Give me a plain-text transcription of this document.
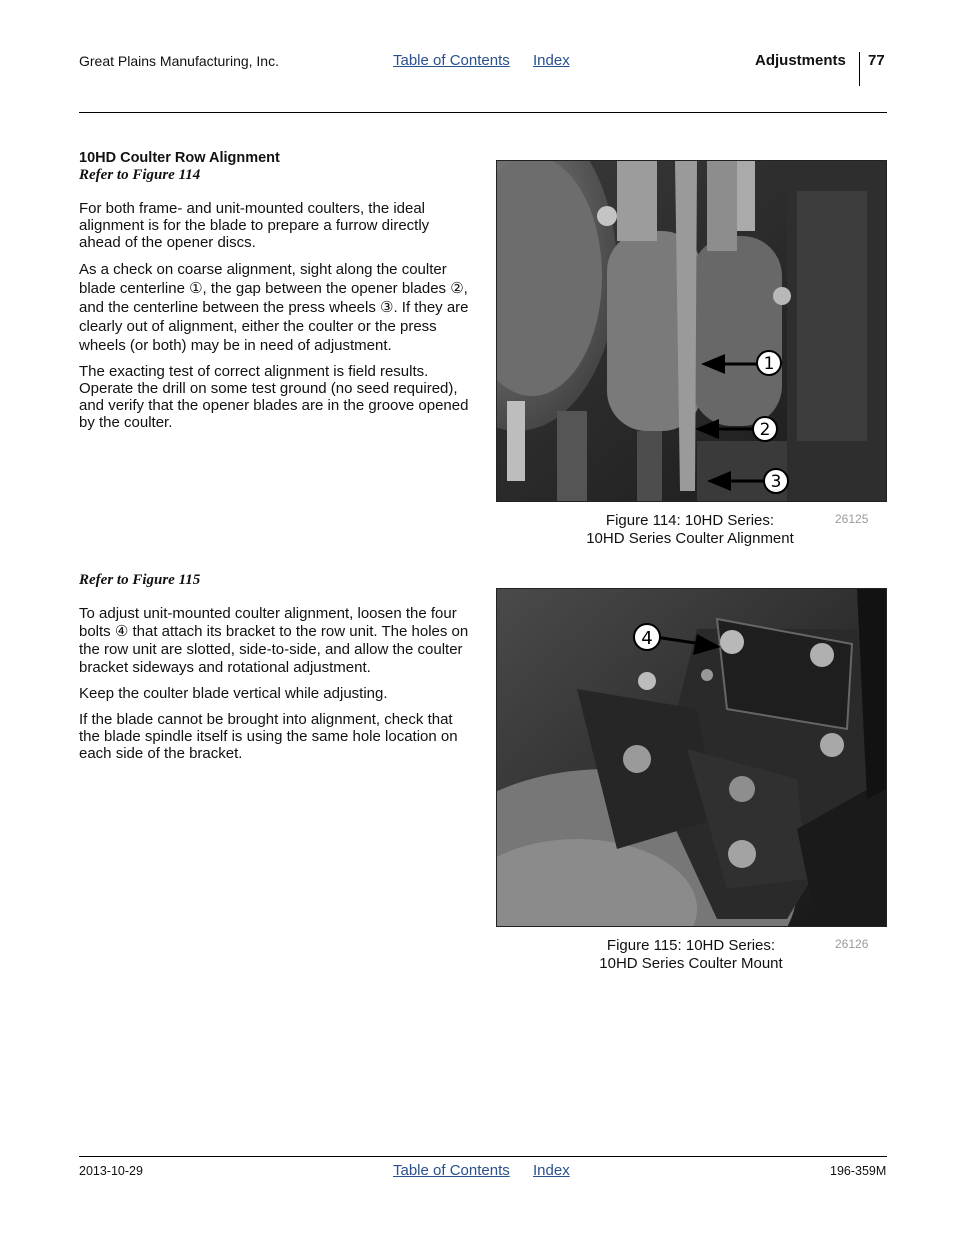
Great Plains Manufacturing, Inc.	Table of Contents Index	Adjustments 77
10HD Coulter Row Alignment
Refer to Figure 114

For both frame- and unit-mounted coulters, the ideal alignment is for the blade to prepare a furrow directly ahead of the opener discs.

As a check on coarse alignment, sight along the coulter blade centerline ①, the gap between the opener blades ②, and the centerline between the press wheels ③. If they are clearly out of alignment, either the coulter or the press wheels (or both) may be in need of adjustment.

The exacting test of correct alignment is field results. Operate the drill on some test ground (no seed required), and verify that the opener blades are in the groove opened by the coulter.

1
2
3
Figure 114: 10HD Series:
10HD Series Coulter Alignment
26125
Refer to Figure 115

To adjust unit-mounted coulter alignment, loosen the four bolts ④ that attach its bracket to the row unit. The holes on the row unit are slotted, side-to-side, and allow the coulter bracket sideways and rotational adjustment.

Keep the coulter blade vertical while adjusting.

If the blade cannot be brought into alignment, check that the blade spindle itself is using the same hole location on each side of the bracket.

4
Figure 115: 10HD Series:
10HD Series Coulter Mount
26126
2013-10-29	Table of Contents Index	196-359M
